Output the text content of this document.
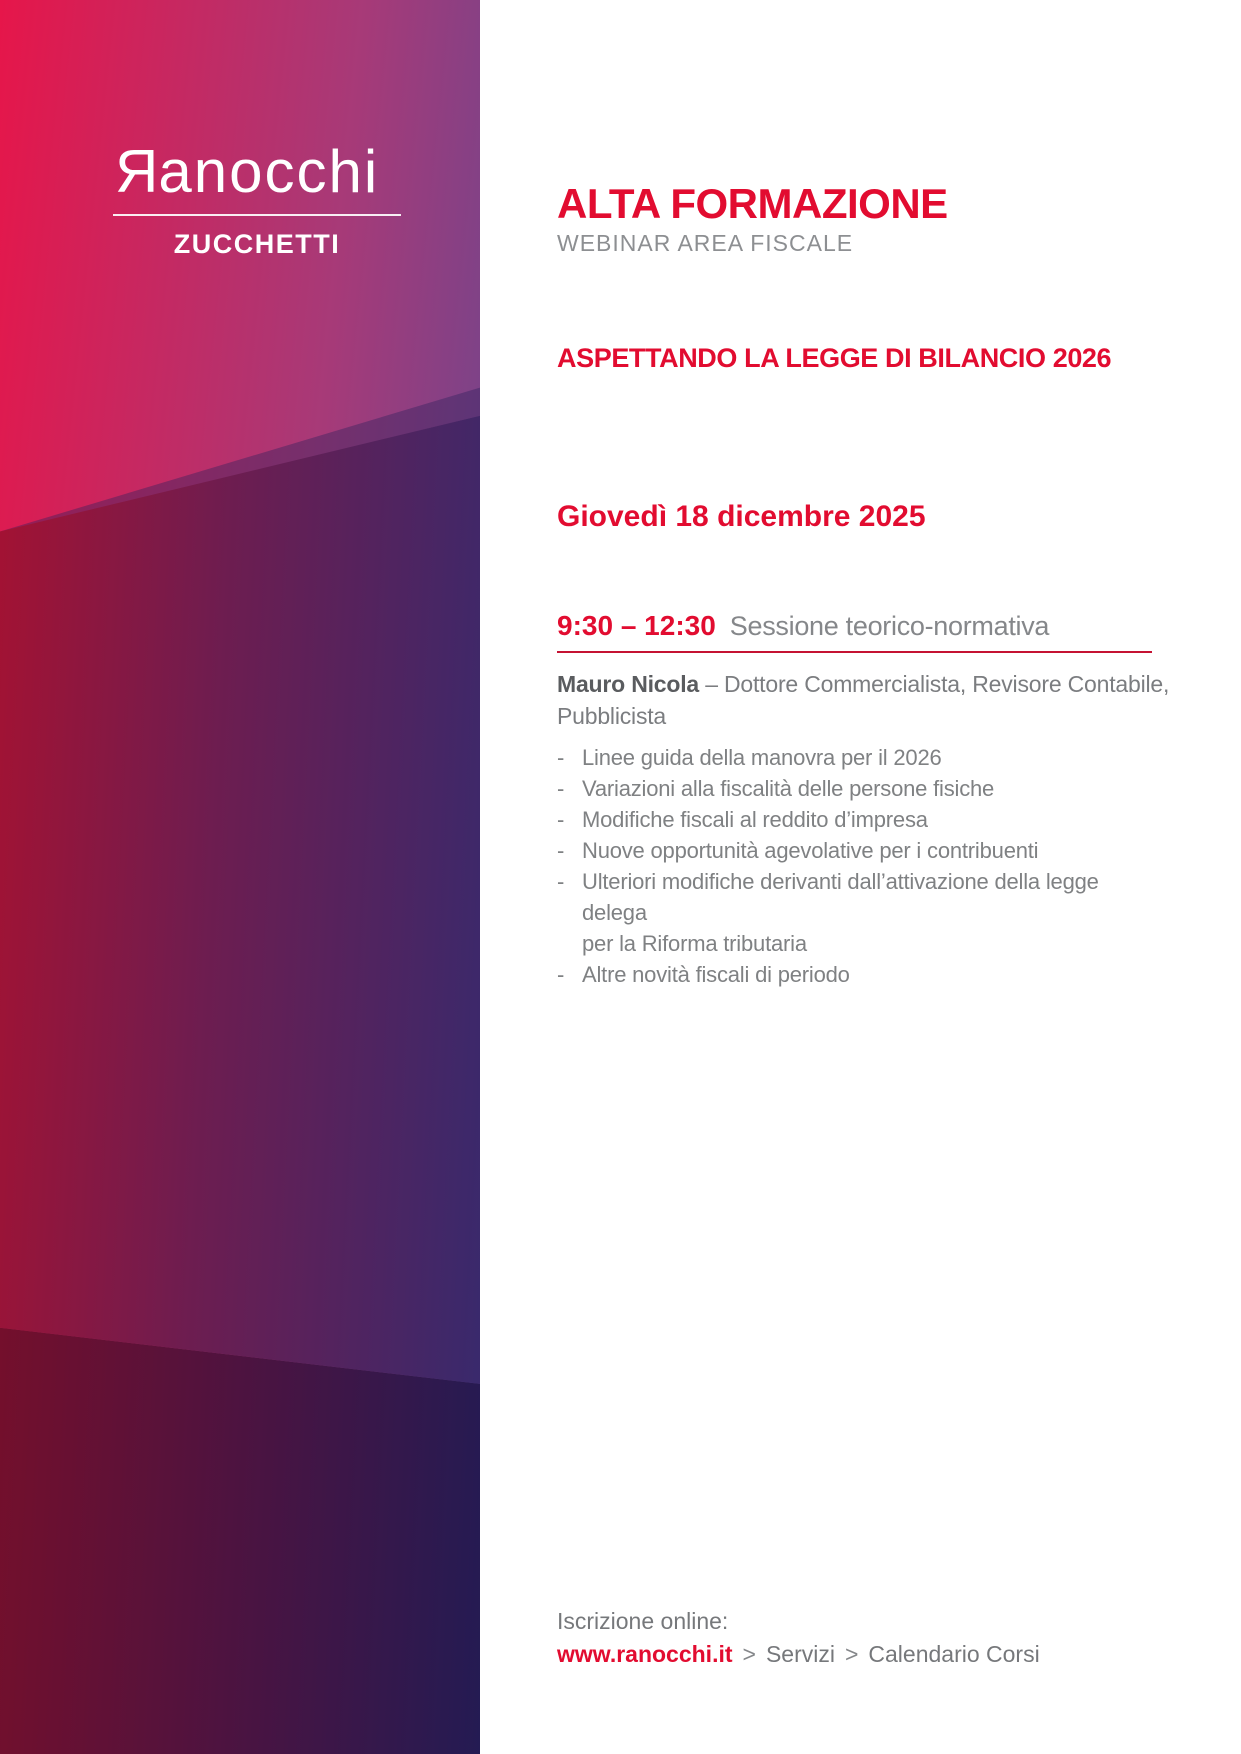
Ranocchi
ZUCCHETTI
ALTA FORMAZIONE
WEBINAR AREA FISCALE
ASPETTANDO LA LEGGE DI BILANCIO 2026
Giovedì 18 dicembre 2025
9:30 – 12:30 Sessione teorico-normativa
Mauro Nicola – Dottore Commercialista, Revisore Contabile,
Pubblicista
- Linee guida della manovra per il 2026
- Variazioni alla fiscalità delle persone fisiche
- Modifiche fiscali al reddito d’impresa
- Nuove opportunità agevolative per i contribuenti
- Ulteriori modifiche derivanti dall’attivazione della legge delega
per la Riforma tributaria
- Altre novità fiscali di periodo
Iscrizione online:
www.ranocchi.it > Servizi > Calendario Corsi
